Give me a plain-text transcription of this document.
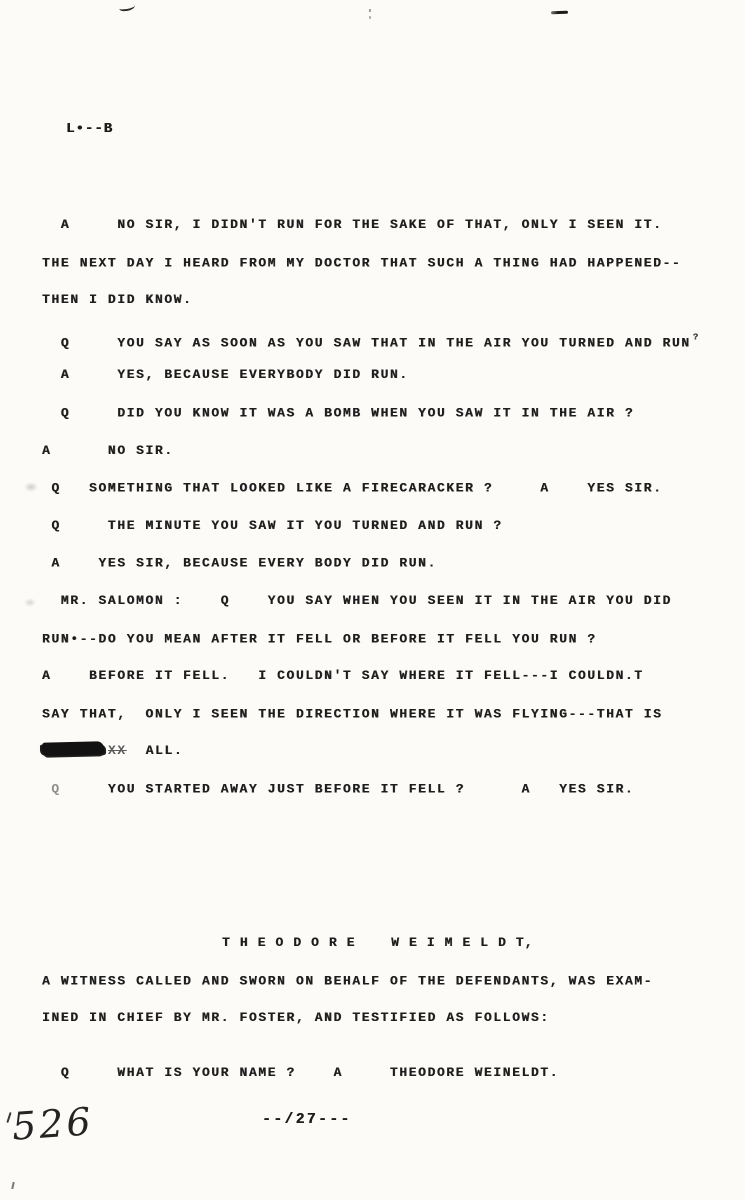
L•--B
A     NO SIR, I DIDN'T RUN FOR THE SAKE OF THAT, ONLY I SEEN IT.
THE NEXT DAY I HEARD FROM MY DOCTOR THAT SUCH A THING HAD HAPPENED--
THEN I DID KNOW.
Q     YOU SAY AS SOON AS YOU SAW THAT IN THE AIR YOU TURNED AND RUN ?
A     YES, BECAUSE EVERYBODY DID RUN.
Q     DID YOU KNOW IT WAS A BOMB WHEN YOU SAW IT IN THE AIR ?
A      NO SIR.
Q   SOMETHING THAT LOOKED LIKE A FIRECARACKER ?     A    YES SIR.
Q     THE MINUTE YOU SAW IT YOU TURNED AND RUN ?
A    YES SIR, BECAUSE EVERY BODY DID RUN.
MR. SALOMON :    Q    YOU SAY WHEN YOU SEEN IT IN THE AIR YOU DID
RUN•--DO YOU MEAN AFTER IT FELL OR BEFORE IT FELL YOU RUN ?
A    BEFORE IT FELL.   I COULDN'T SAY WHERE IT FELL---I COULDN.T
SAY THAT,  ONLY I SEEN THE DIRECTION WHERE IT WAS FLYING---THAT IS
XX  ALL.
Q     YOU STARTED AWAY JUST BEFORE IT FELL ?      A   YES SIR.
T H E O D O R E    W E I M E L D T,
A WITNESS CALLED AND SWORN ON BEHALF OF THE DEFENDANTS, WAS EXAM-
INED IN CHIEF BY MR. FOSTER, AND TESTIFIED AS FOLLOWS:
Q     WHAT IS YOUR NAME ?    A     THEODORE WEINELDT.
526	--/27---
